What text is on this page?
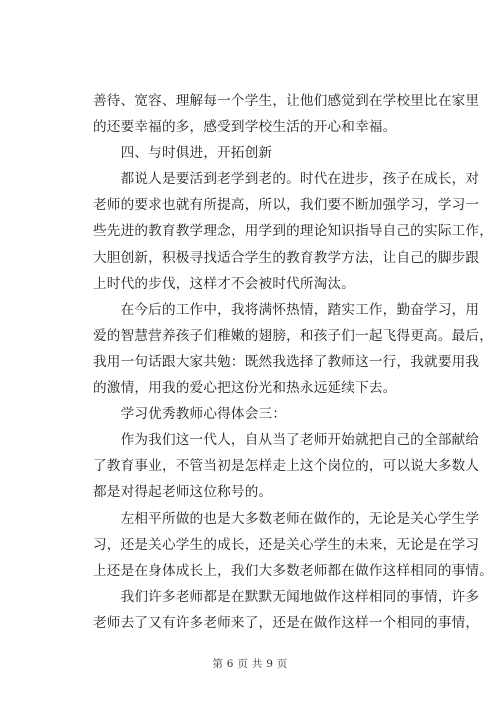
善待、宽容、理解每一个学生，让他们感觉到在学校里比在家里
的还要幸福的多，感受到学校生活的开心和幸福。
　　四、与时俱进，开拓创新
　　都说人是要活到老学到老的。时代在进步，孩子在成长，对
老师的要求也就有所提高，所以，我们要不断加强学习，学习一
些先进的教育教学理念，用学到的理论知识指导自己的实际工作，
大胆创新，积极寻找适合学生的教育教学方法，让自己的脚步跟
上时代的步伐，这样才不会被时代所淘汰。
　　在今后的工作中，我将满怀热情，踏实工作，勤奋学习，用
爱的智慧营养孩子们稚嫩的翅膀，和孩子们一起飞得更高。最后，
我用一句话跟大家共勉：既然我选择了教师这一行，我就要用我
的激情，用我的爱心把这份光和热永远延续下去。
　　学习优秀教师心得体会三：
　　作为我们这一代人，自从当了老师开始就把自己的全部献给
了教育事业，不管当初是怎样走上这个岗位的，可以说大多数人
都是对得起老师这位称号的。
　　左相平所做的也是大多数老师在做作的，无论是关心学生学
习，还是关心学生的成长，还是关心学生的未来，无论是在学习
上还是在身体成长上，我们大多数老师都在做作这样相同的事情。
　　我们许多老师都是在默默无闻地做作这样相同的事情，许多
老师去了又有许多老师来了，还是在做作这样一个相同的事情，
第 6 页 共 9 页
